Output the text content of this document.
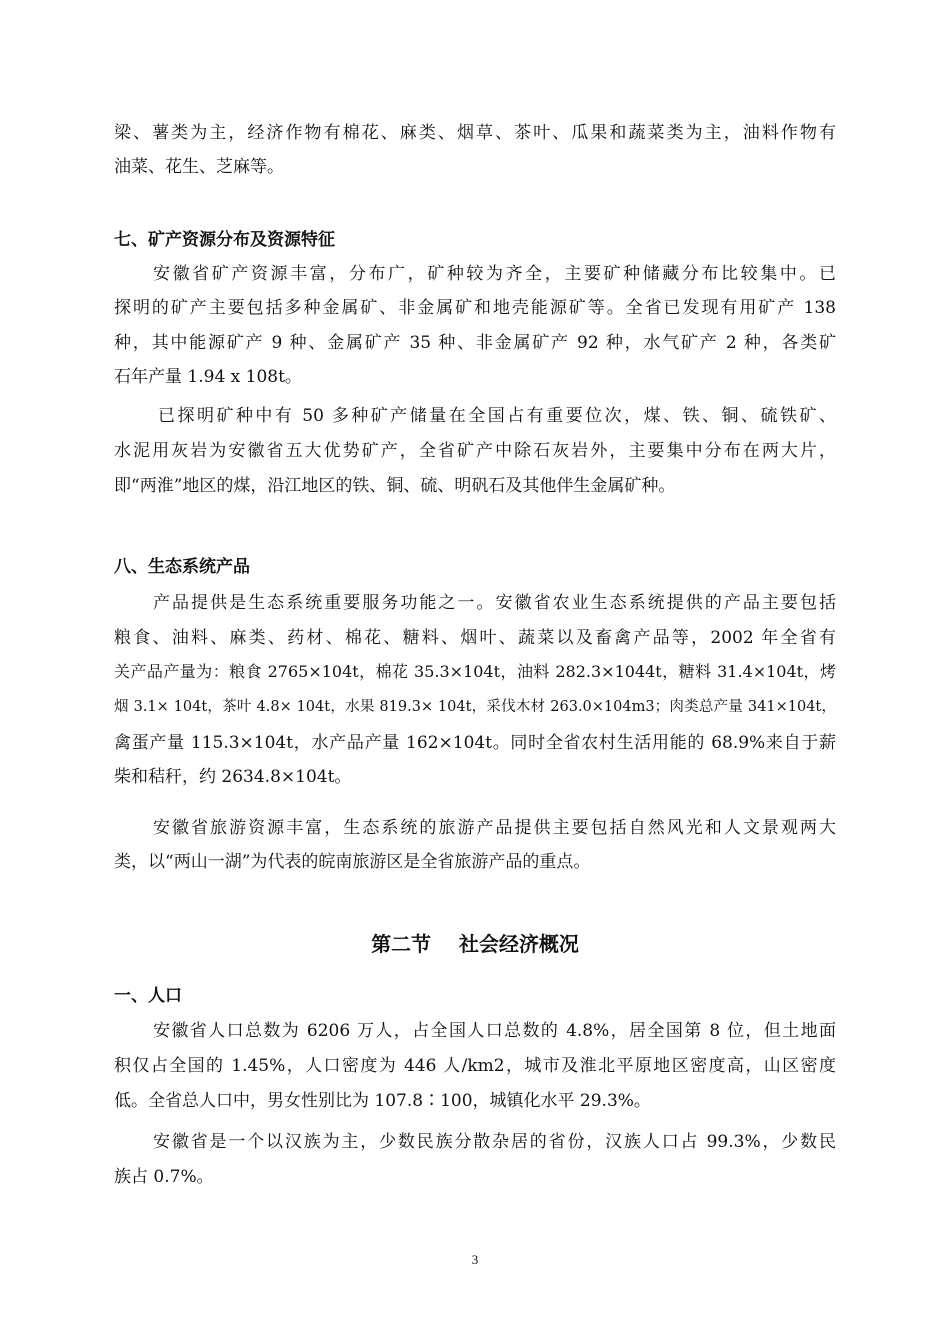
梁、薯类为主，经济作物有棉花、麻类、烟草、茶叶、瓜果和蔬菜类为主，油料作物有
油菜、花生、芝麻等。
七、矿产资源分布及资源特征
安徽省矿产资源丰富，分布广，矿种较为齐全，主要矿种储藏分布比较集中。已
探明的矿产主要包括多种金属矿、非金属矿和地壳能源矿等。全省已发现有用矿产 138
种，其中能源矿产 9 种、金属矿产 35 种、非金属矿产 92 种，水气矿产 2 种，各类矿
石年产量 1.94 x 108t。
已探明矿种中有 50 多种矿产储量在全国占有重要位次，煤、铁、铜、硫铁矿、
水泥用灰岩为安徽省五大优势矿产，全省矿产中除石灰岩外，主要集中分布在两大片，
即“两淮”地区的煤，沿江地区的铁、铜、硫、明矾石及其他伴生金属矿种。
八、生态系统产品
产品提供是生态系统重要服务功能之一。安徽省农业生态系统提供的产品主要包括
粮食、油料、麻类、药材、棉花、糖料、烟叶、蔬菜以及畜禽产品等，2002 年全省有
关产品产量为：粮食 2765×104t，棉花 35.3×104t，油料 282.3×1044t，糖料 31.4×104t，烤
烟 3.1× 104t，茶叶 4.8× 104t，水果 819.3× 104t，采伐木材 263.0×104m3；肉类总产量 341×104t，
禽蛋产量 115.3×104t，水产品产量 162×104t。同时全省农村生活用能的 68.9%来自于薪
柴和秸秆，约 2634.8×104t。
安徽省旅游资源丰富，生态系统的旅游产品提供主要包括自然风光和人文景观两大
类，以“两山一湖”为代表的皖南旅游区是全省旅游产品的重点。
第二节    社会经济概况
一、人口
安徽省人口总数为 6206 万人，占全国人口总数的 4.8%，居全国第 8 位，但土地面
积仅占全国的 1.45%，人口密度为 446 人/km2，城市及淮北平原地区密度高，山区密度
低。全省总人口中，男女性别比为 107.8∶100，城镇化水平 29.3%。
安徽省是一个以汉族为主，少数民族分散杂居的省份，汉族人口占 99.3%，少数民
族占 0.7%。
3
